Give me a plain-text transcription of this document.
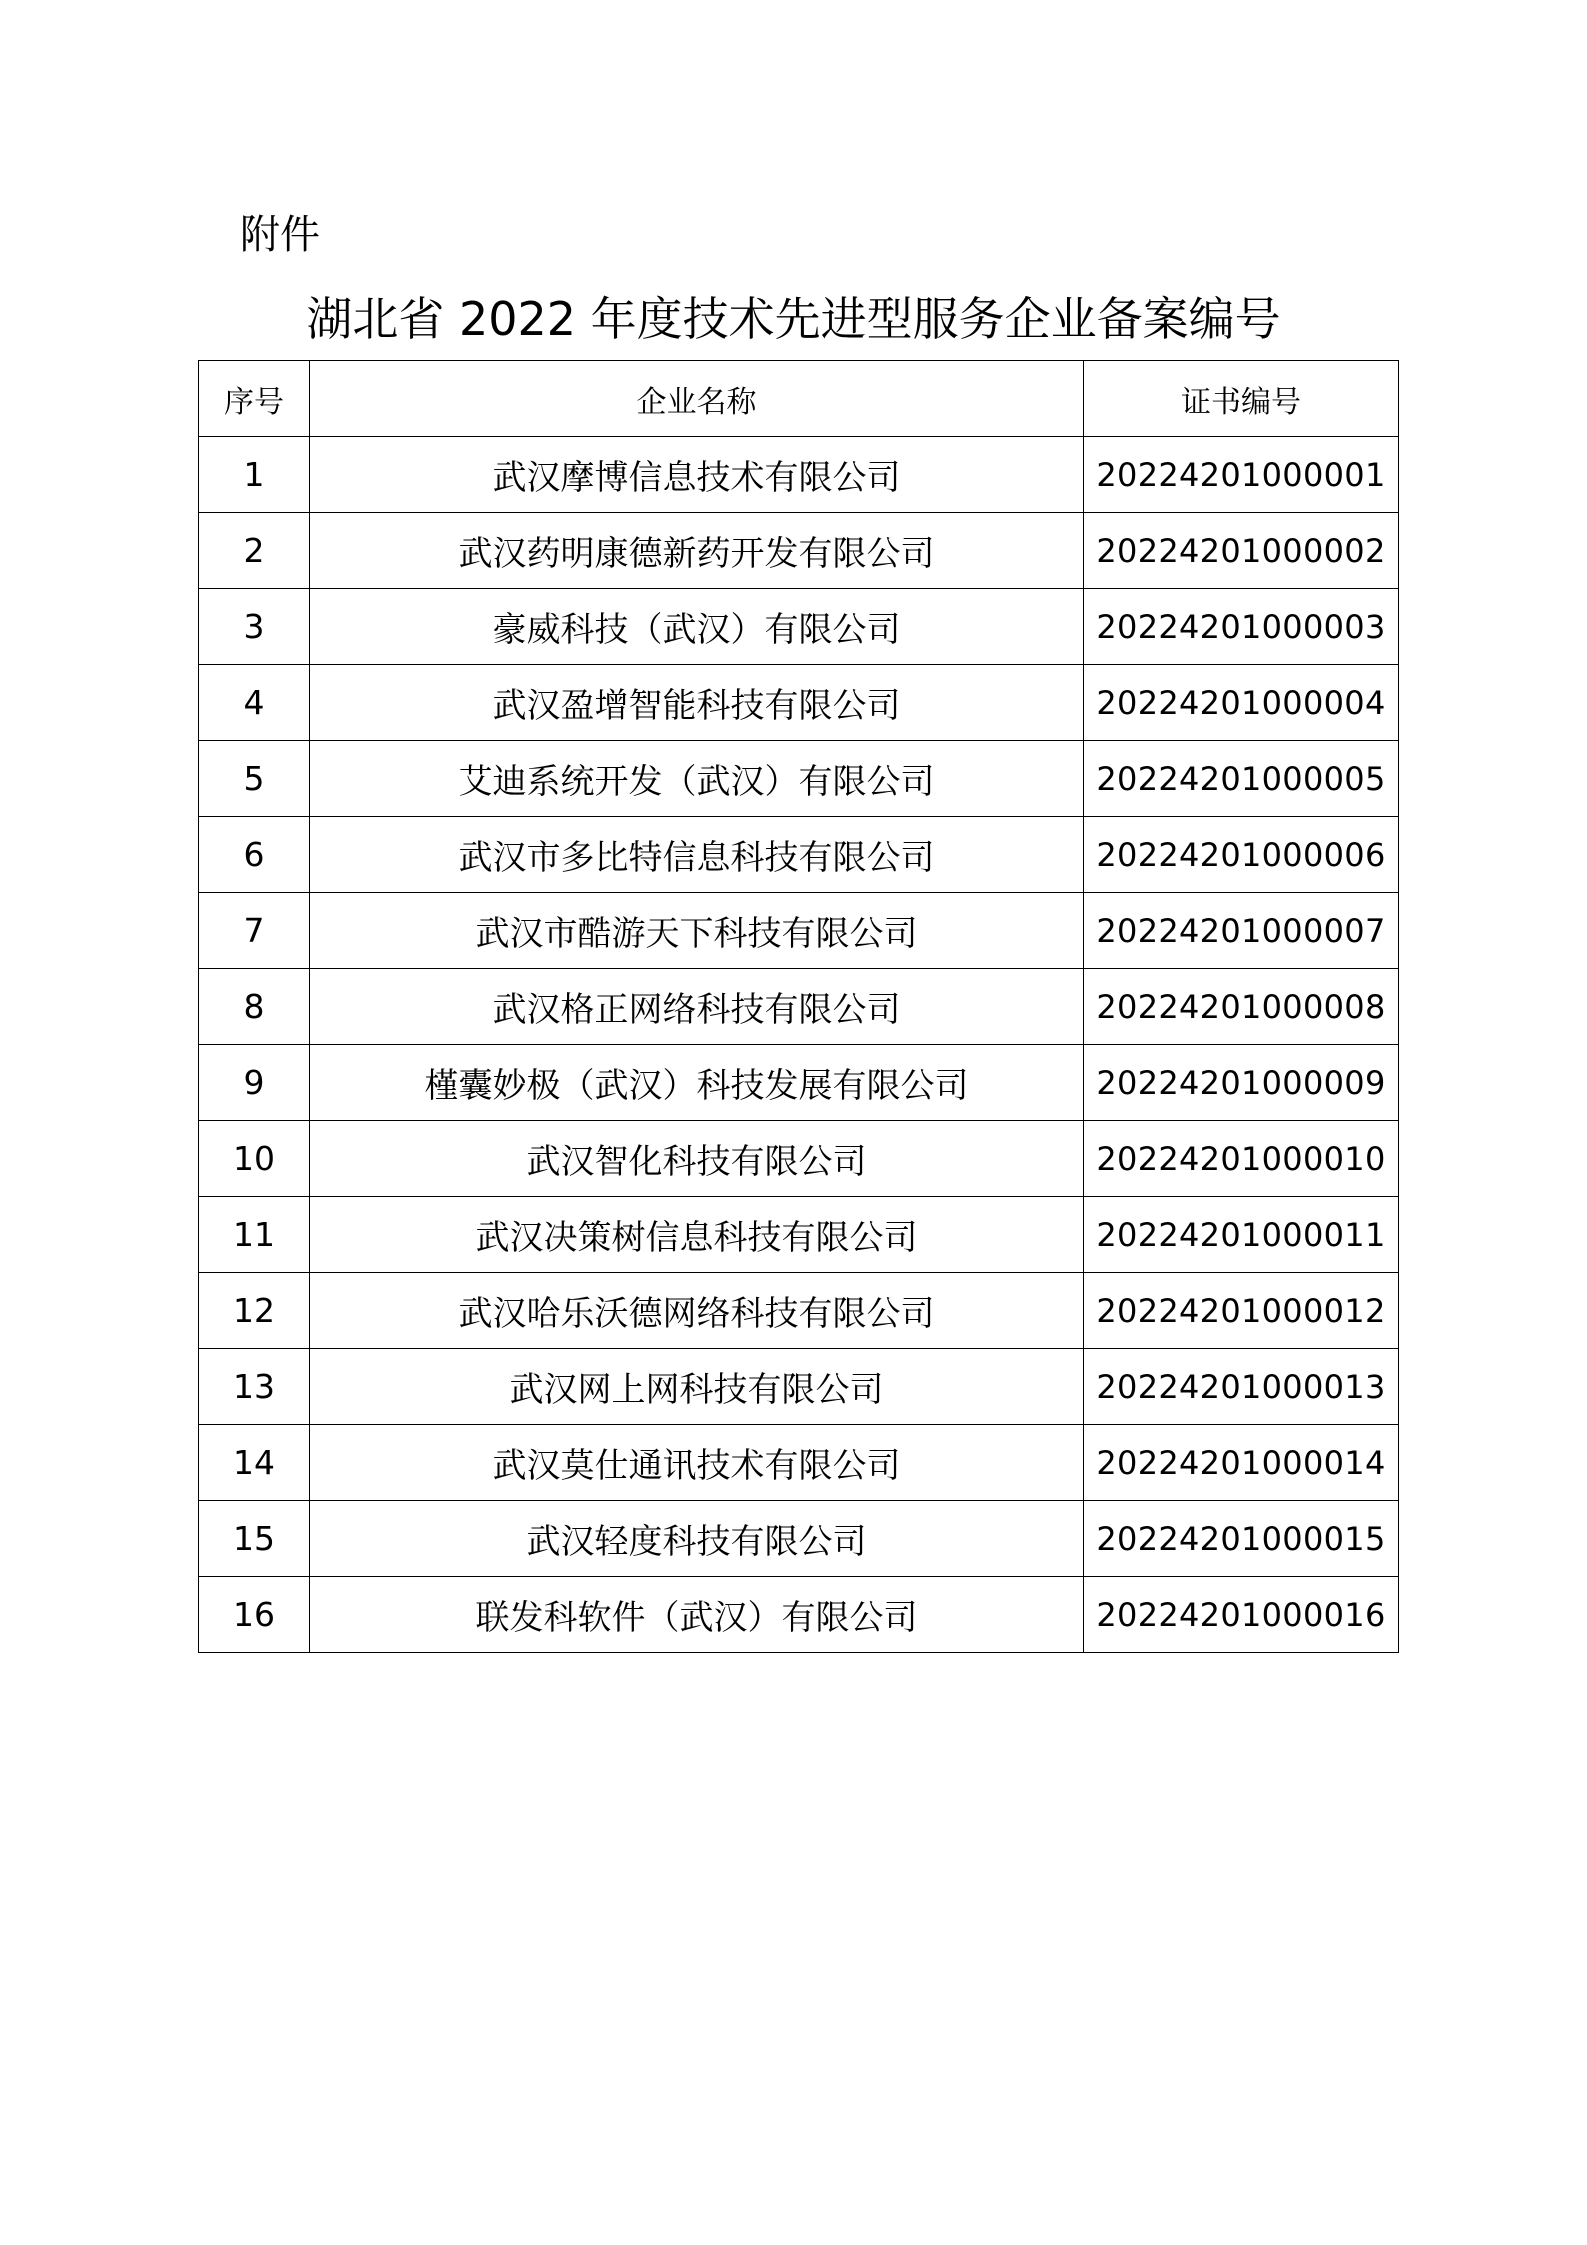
附件
湖北省 2022 年度技术先进型服务企业备案编号
序号	企业名称	证书编号
1	武汉摩博信息技术有限公司	20224201000001
2	武汉药明康德新药开发有限公司	20224201000002
3	豪威科技（武汉）有限公司	20224201000003
4	武汉盈增智能科技有限公司	20224201000004
5	艾迪系统开发（武汉）有限公司	20224201000005
6	武汉市多比特信息科技有限公司	20224201000006
7	武汉市酷游天下科技有限公司	20224201000007
8	武汉格正网络科技有限公司	20224201000008
9	槿囊妙极（武汉）科技发展有限公司	20224201000009
10	武汉智化科技有限公司	20224201000010
11	武汉决策树信息科技有限公司	20224201000011
12	武汉哈乐沃德网络科技有限公司	20224201000012
13	武汉网上网科技有限公司	20224201000013
14	武汉莫仕通讯技术有限公司	20224201000014
15	武汉轻度科技有限公司	20224201000015
16	联发科软件（武汉）有限公司	20224201000016
